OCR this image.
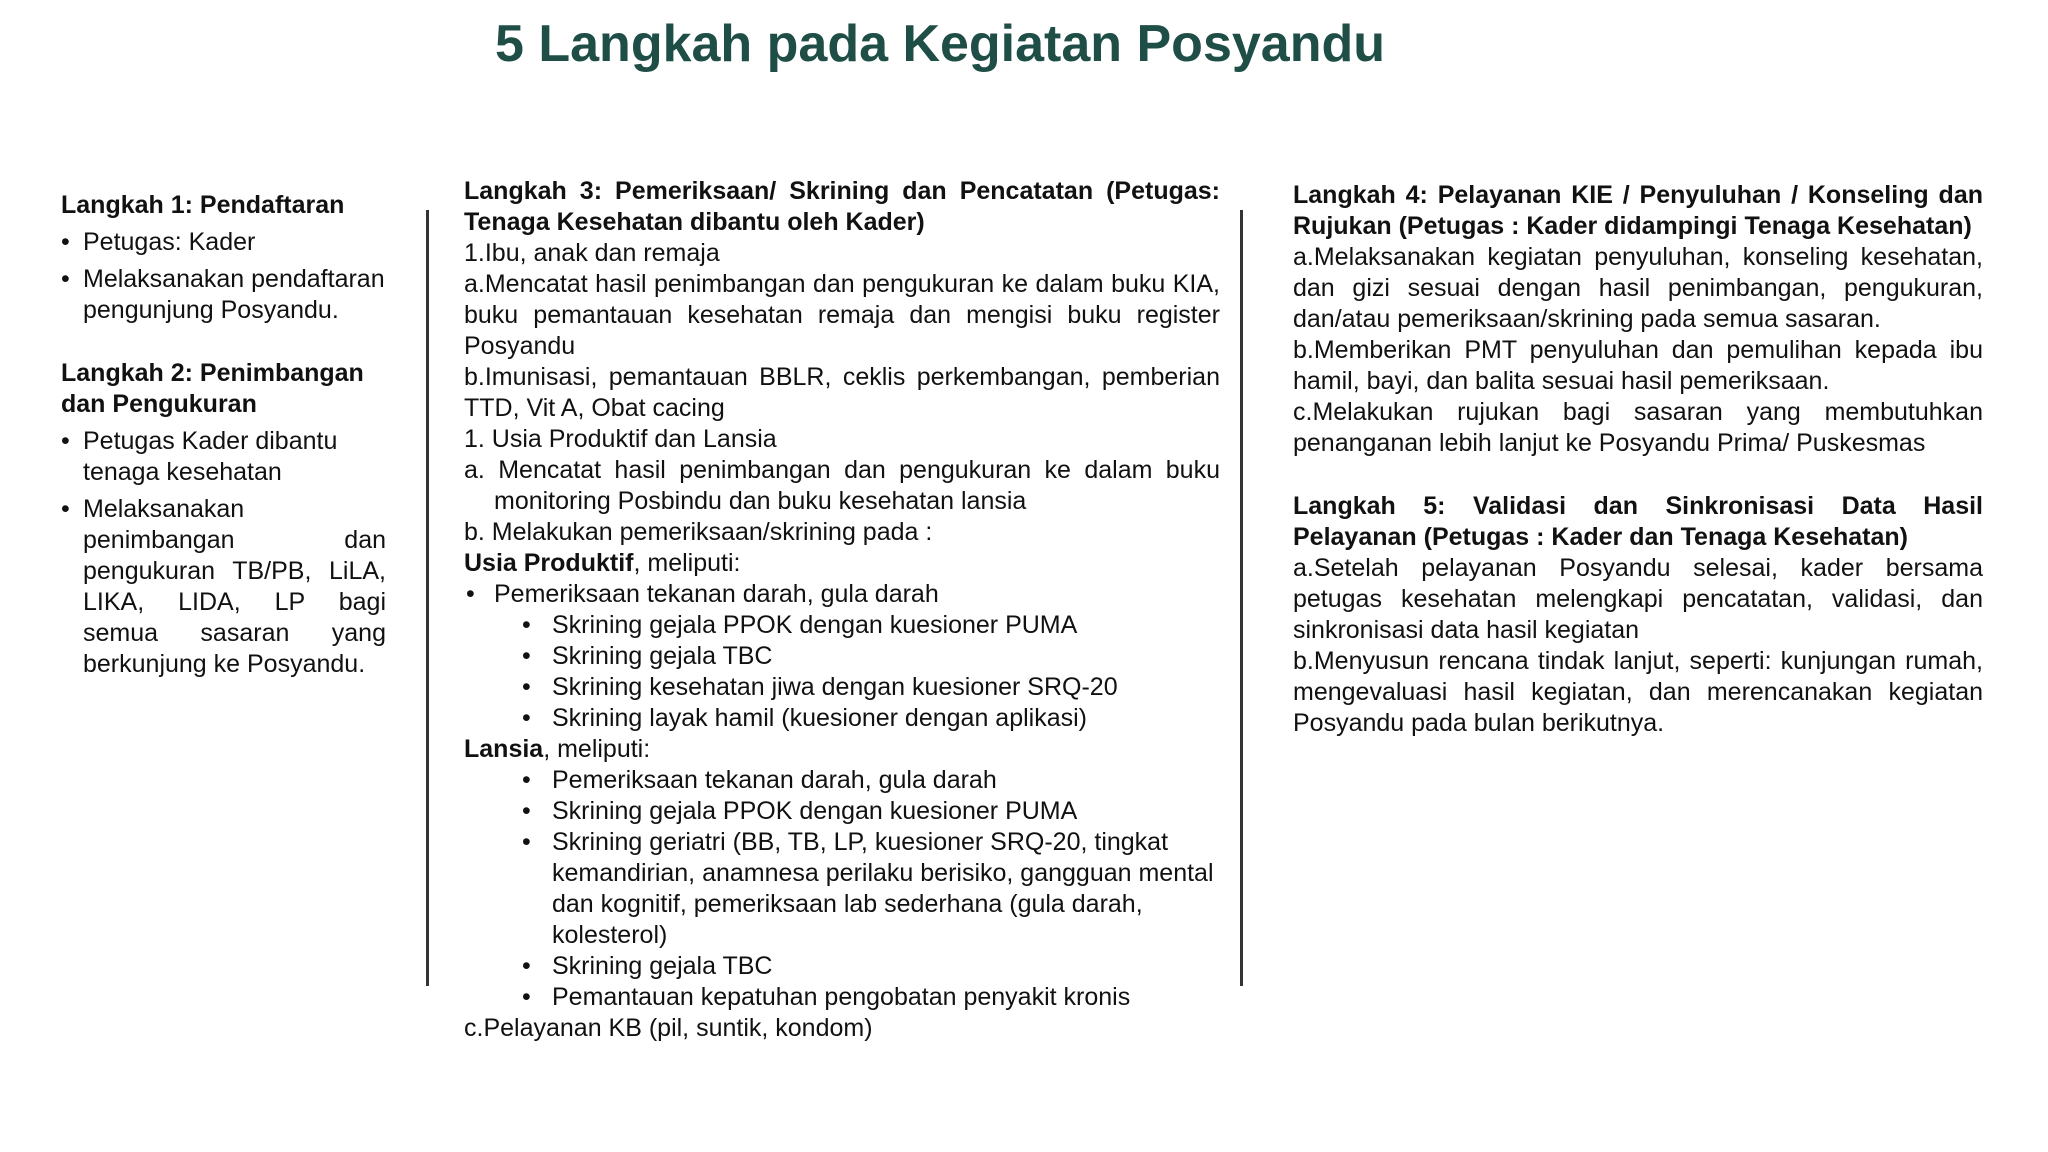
5 Langkah pada Kegiatan Posyandu
Langkah 1: Pendaftaran
• Petugas: Kader
• Melaksanakan pendaftaran pengunjung Posyandu.
Langkah 2: Penimbangan dan Pengukuran
• Petugas Kader dibantu tenaga kesehatan
• Melaksanakan penimbangan dan pengukuran TB/PB, LiLA, LIKA, LIDA, LP bagi semua sasaran yang berkunjung ke Posyandu.
Langkah 3: Pemeriksaan/ Skrining dan Pencatatan (Petugas: Tenaga Kesehatan dibantu oleh Kader)
1.Ibu, anak dan remaja
a.Mencatat hasil penimbangan dan pengukuran ke dalam buku KIA, buku pemantauan kesehatan remaja dan mengisi buku register Posyandu
b.Imunisasi, pemantauan BBLR, ceklis perkembangan, pemberian TTD, Vit A, Obat cacing
1. Usia Produktif dan Lansia
a. Mencatat hasil penimbangan dan pengukuran ke dalam buku monitoring Posbindu dan buku kesehatan lansia
b. Melakukan pemeriksaan/skrining pada :
Usia Produktif, meliputi:
• Pemeriksaan tekanan darah, gula darah
• Skrining gejala PPOK dengan kuesioner PUMA
• Skrining gejala TBC
• Skrining kesehatan jiwa dengan kuesioner SRQ-20
• Skrining layak hamil (kuesioner dengan aplikasi)
Lansia, meliputi:
• Pemeriksaan tekanan darah, gula darah
• Skrining gejala PPOK dengan kuesioner PUMA
• Skrining geriatri (BB, TB, LP, kuesioner SRQ-20, tingkat kemandirian, anamnesa perilaku berisiko, gangguan mental dan kognitif, pemeriksaan lab sederhana (gula darah, kolesterol)
• Skrining gejala TBC
• Pemantauan kepatuhan pengobatan penyakit kronis
c.Pelayanan KB (pil, suntik, kondom)
Langkah 4: Pelayanan KIE / Penyuluhan / Konseling dan Rujukan (Petugas : Kader didampingi Tenaga Kesehatan)
a.Melaksanakan kegiatan penyuluhan, konseling kesehatan, dan gizi sesuai dengan hasil penimbangan, pengukuran, dan/atau pemeriksaan/skrining pada semua sasaran.
b.Memberikan PMT penyuluhan dan pemulihan kepada ibu hamil, bayi, dan balita sesuai hasil pemeriksaan.
c.Melakukan rujukan bagi sasaran yang membutuhkan penanganan lebih lanjut ke Posyandu Prima/ Puskesmas
Langkah 5: Validasi dan Sinkronisasi Data Hasil Pelayanan (Petugas : Kader dan Tenaga Kesehatan)
a.Setelah pelayanan Posyandu selesai, kader bersama petugas kesehatan melengkapi pencatatan, validasi, dan sinkronisasi data hasil kegiatan
b.Menyusun rencana tindak lanjut, seperti: kunjungan rumah, mengevaluasi hasil kegiatan, dan merencanakan kegiatan Posyandu pada bulan berikutnya.
